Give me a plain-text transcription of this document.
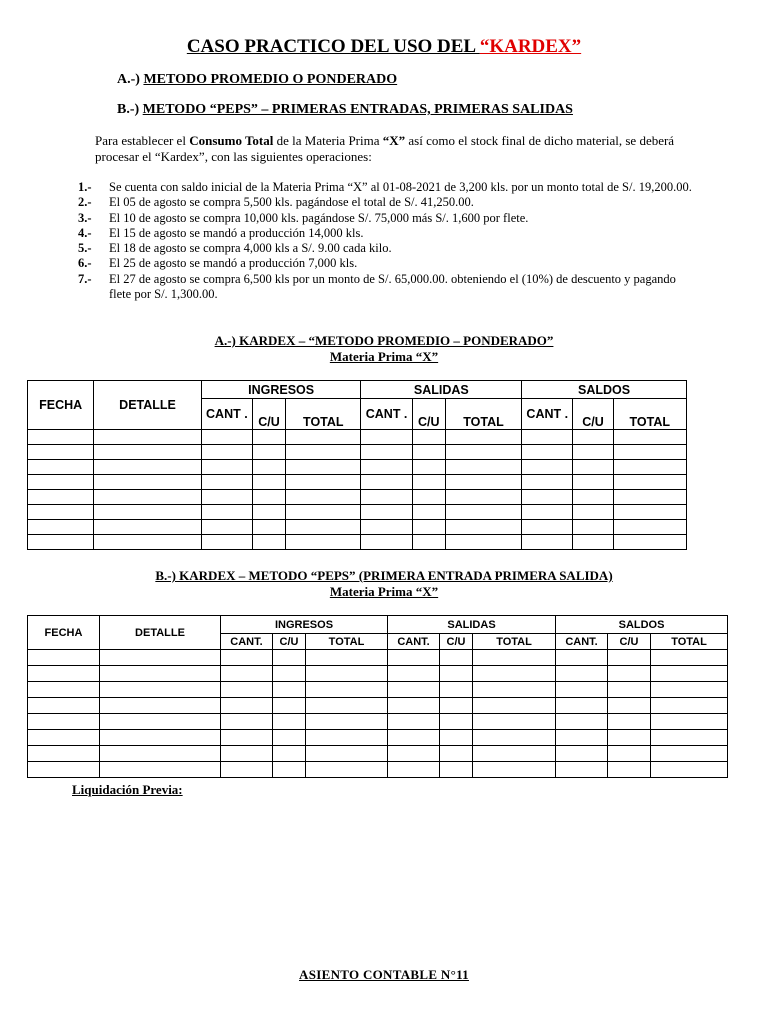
CASO PRACTICO DEL USO DEL “KARDEX”
A.-) METODO PROMEDIO O PONDERADO
B.-) METODO “PEPS” – PRIMERAS ENTRADAS, PRIMERAS SALIDAS
Para establecer el Consumo Total de la Materia Prima “X” así como el stock final de dicho material, se deberá procesar el “Kardex”, con las siguientes operaciones:
1.- Se cuenta con saldo inicial de la Materia Prima “X” al 01-08-2021 de 3,200 kls. por un monto total de S/. 19,200.00.
2.- El 05 de agosto se compra 5,500 kls. pagándose el total de S/. 41,250.00.
3.- El 10 de agosto se compra 10,000 kls. pagándose S/. 75,000 más S/. 1,600 por flete.
4.- El 15 de agosto se mandó a producción 14,000 kls.
5.- El 18 de agosto se compra 4,000 kls a S/. 9.00 cada kilo.
6.- El 25 de agosto se mandó a producción 7,000 kls.
7.- El 27 de agosto se compra 6,500 kls por un monto de S/. 65,000.00. obteniendo el (10%) de descuento y pagando flete por S/. 1,300.00.
A.-) KARDEX – “METODO PROMEDIO – PONDERADO”
Materia Prima “X”
FECHA	DETALLE	INGRESOS			SALIDAS			SALDOS		
		CANT .	C/U	TOTAL	CANT .	C/U	TOTAL	CANT .	C/U	TOTAL

B.-) KARDEX – METODO “PEPS” (PRIMERA ENTRADA PRIMERA SALIDA)
Materia Prima “X”
FECHA	DETALLE	INGRESOS			SALIDAS			SALDOS		
		CANT.	C/U	TOTAL	CANT.	C/U	TOTAL	CANT.	C/U	TOTAL

Liquidación Previa:
ASIENTO CONTABLE N°11
